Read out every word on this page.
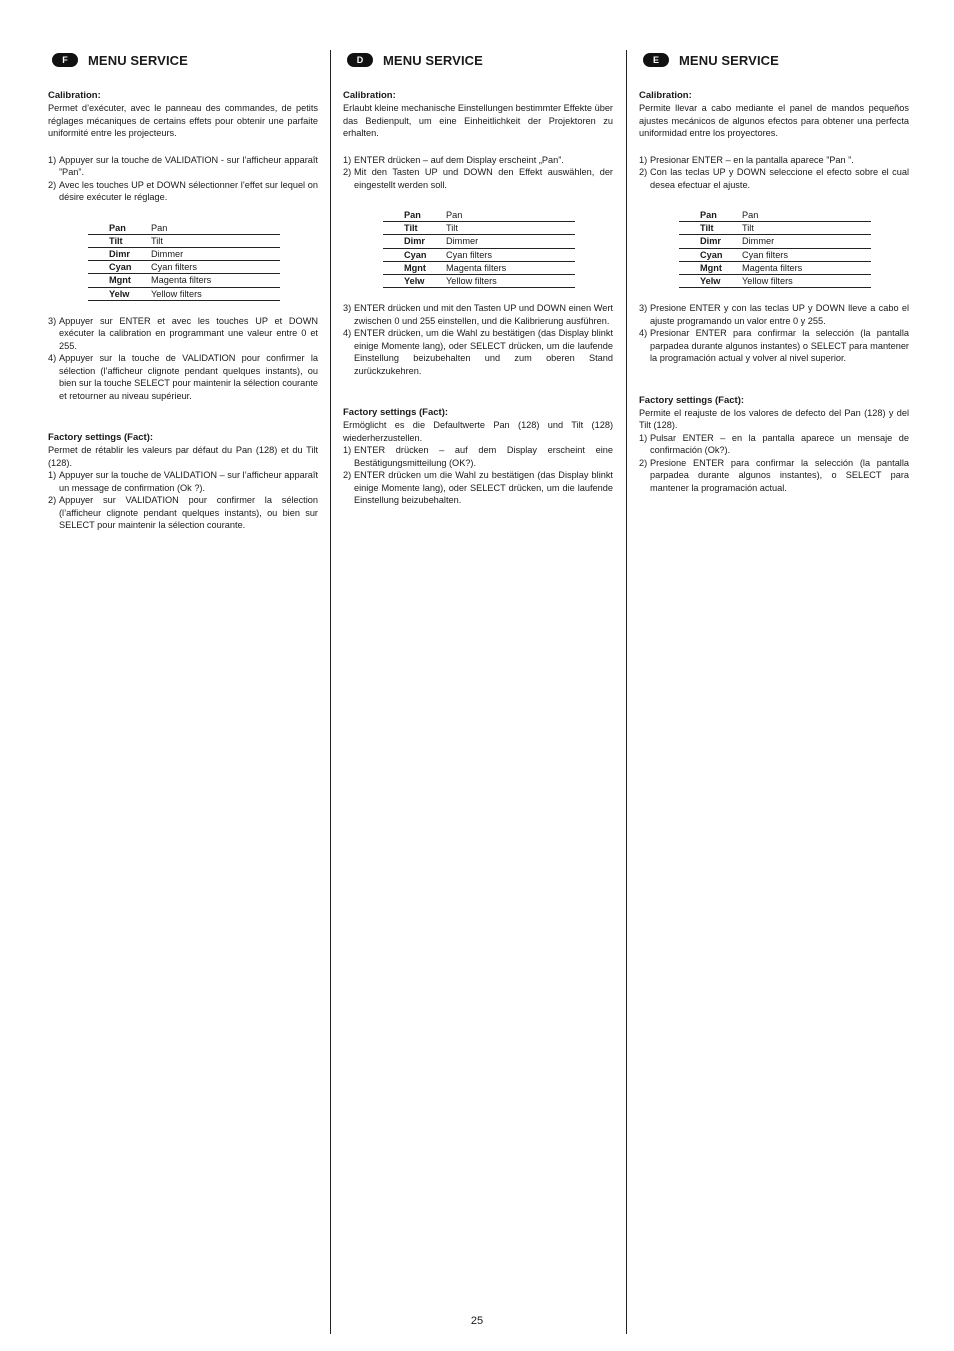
F	MENU SERVICE

Calibration:

Permet d’exécuter, avec le panneau des commandes, de petits réglages mécaniques de certains effets pour obtenir une parfaite uniformité entre les projecteurs.

1) Appuyer sur la touche de VALIDATION - sur l’afficheur apparaît ”Pan”.
2) Avec les touches UP et DOWN sélectionner l’effet sur lequel on désire exécuter le réglage.
Pan	Pan
Tilt	Tilt
Dimr	Dimmer
Cyan	Cyan filters
Mgnt	Magenta filters
Yelw	Yellow filters
3) Appuyer sur ENTER et avec les touches UP et DOWN exécuter la calibration en programmant une valeur entre 0 et 255.
4) Appuyer sur la touche de VALIDATION pour confirmer la sélection (l’afficheur clignote pendant quelques instants), ou bien sur la touche SELECT pour maintenir la sélection courante et retourner au niveau supérieur.

Factory settings (Fact):

Permet de rétablir les valeurs par défaut du Pan (128) et du Tilt (128).

1) Appuyer sur la touche de VALIDATION – sur l’afficheur apparaît un message de confirmation (Ok ?).
2) Appuyer sur VALIDATION pour confirmer la sélection (l’afficheur clignote pendant quelques instants), ou bien sur SELECT pour maintenir la sélection courante.
D	MENU SERVICE

Calibration:

Erlaubt kleine mechanische Einstellungen bestimmter Effekte über das Bedienpult, um eine Einheitlichkeit der Projektoren zu erhalten.

1) ENTER drücken – auf dem Display erscheint „Pan”.
2) Mit den Tasten UP und DOWN den Effekt auswählen, der eingestellt werden soll.
Pan	Pan
Tilt	Tilt
Dimr	Dimmer
Cyan	Cyan filters
Mgnt	Magenta filters
Yelw	Yellow filters
3) ENTER drücken und mit den Tasten UP und DOWN einen Wert zwischen 0 und 255 einstellen, und die Kalibrierung ausführen.
4) ENTER drücken, um die Wahl zu bestätigen (das Display blinkt einige Momente lang), oder SELECT drücken, um die laufende Einstellung beizubehalten und zum oberen Stand zurückzukehren.

Factory settings (Fact):

Ermöglicht es die Defaultwerte Pan (128) und Tilt (128) wiederherzustellen.

1) ENTER drücken – auf dem Display erscheint eine Bestätigungsmitteilung (OK?).
2) ENTER drücken um die Wahl zu bestätigen (das Display blinkt einige Momente lang), oder SELECT drücken, um die laufende Einstellung beizubehalten.
E	MENU SERVICE

Calibration:

Permite llevar a cabo mediante el panel de mandos pequeños ajustes mecánicos de algunos efectos para obtener una perfecta uniformidad entre los proyectores.

1) Presionar ENTER – en la pantalla aparece ”Pan ”.
2) Con las teclas UP y DOWN seleccione el efecto sobre el cual desea efectuar el ajuste.
Pan	Pan
Tilt	Tilt
Dimr	Dimmer
Cyan	Cyan filters
Mgnt	Magenta filters
Yelw	Yellow filters
3) Presione ENTER y con las teclas UP y DOWN lleve a cabo el ajuste programando un valor entre 0 y 255.
4) Presionar ENTER para confirmar la selección (la pantalla parpadea durante algunos instantes) o SELECT para mantener la programación actual y volver al nivel superior.

Factory settings (Fact):

Permite el reajuste de los valores de defecto del Pan (128) y del Tilt (128).

1) Pulsar ENTER – en la pantalla aparece un mensaje de confirmación (Ok?).
2) Presione ENTER para confirmar la selección (la pantalla parpadea durante algunos instantes), o SELECT para mantener la programación actual.
25
